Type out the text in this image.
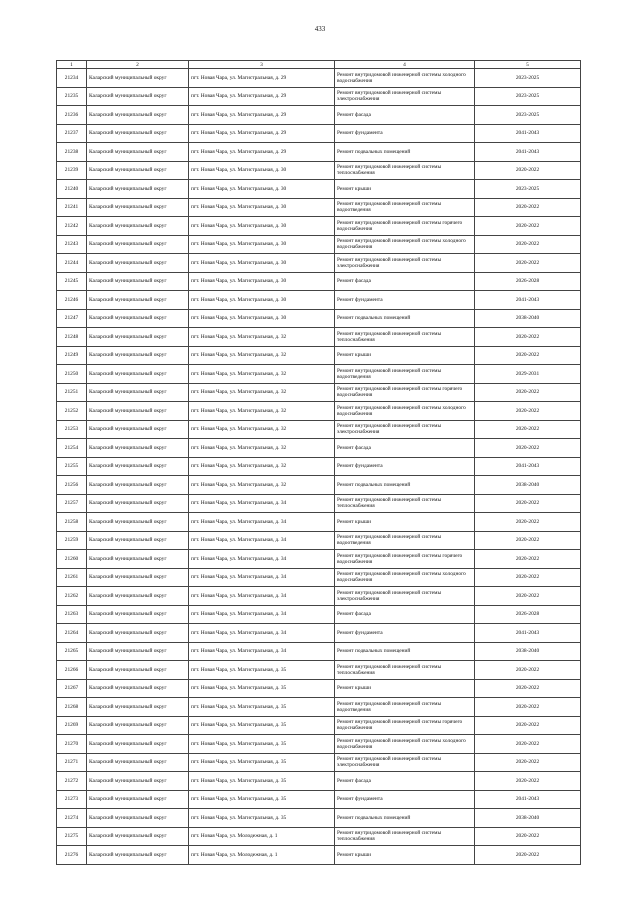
433
1	2	3	4	5
21234	Каларский муниципальный округ	пгт. Новая Чара, ул. Магистральная, д. 29	Ремонт внутридомовой инженерной системы холодного водоснабжения	2023-2025
21235	Каларский муниципальный округ	пгт. Новая Чара, ул. Магистральная, д. 29	Ремонт внутридомовой инженерной системы электроснабжения	2023-2025
21236	Каларский муниципальный округ	пгт. Новая Чара, ул. Магистральная, д. 29	Ремонт фасада	2023-2025
21237	Каларский муниципальный округ	пгт. Новая Чара, ул. Магистральная, д. 29	Ремонт фундамента	2041-2043
21238	Каларский муниципальный округ	пгт. Новая Чара, ул. Магистральная, д. 29	Ремонт подвальных помещений	2041-2043
21239	Каларский муниципальный округ	пгт. Новая Чара, ул. Магистральная, д. 30	Ремонт внутридомовой инженерной системы теплоснабжения	2020-2022
21240	Каларский муниципальный округ	пгт. Новая Чара, ул. Магистральная, д. 30	Ремонт крыши	2023-2025
21241	Каларский муниципальный округ	пгт. Новая Чара, ул. Магистральная, д. 30	Ремонт внутридомовой инженерной системы водоотведения	2020-2022
21242	Каларский муниципальный округ	пгт. Новая Чара, ул. Магистральная, д. 30	Ремонт внутридомовой инженерной системы горячего водоснабжения	2020-2022
21243	Каларский муниципальный округ	пгт. Новая Чара, ул. Магистральная, д. 30	Ремонт внутридомовой инженерной системы холодного водоснабжения	2020-2022
21244	Каларский муниципальный округ	пгт. Новая Чара, ул. Магистральная, д. 30	Ремонт внутридомовой инженерной системы электроснабжения	2020-2022
21245	Каларский муниципальный округ	пгт. Новая Чара, ул. Магистральная, д. 30	Ремонт фасада	2026-2028
21246	Каларский муниципальный округ	пгт. Новая Чара, ул. Магистральная, д. 30	Ремонт фундамента	2041-2043
21247	Каларский муниципальный округ	пгт. Новая Чара, ул. Магистральная, д. 30	Ремонт подвальных помещений	2038-2040
21248	Каларский муниципальный округ	пгт. Новая Чара, ул. Магистральная, д. 32	Ремонт внутридомовой инженерной системы теплоснабжения	2020-2022
21249	Каларский муниципальный округ	пгт. Новая Чара, ул. Магистральная, д. 32	Ремонт крыши	2020-2022
21250	Каларский муниципальный округ	пгт. Новая Чара, ул. Магистральная, д. 32	Ремонт внутридомовой инженерной системы водоотведения	2029-2031
21251	Каларский муниципальный округ	пгт. Новая Чара, ул. Магистральная, д. 32	Ремонт внутридомовой инженерной системы горячего водоснабжения	2020-2022
21252	Каларский муниципальный округ	пгт. Новая Чара, ул. Магистральная, д. 32	Ремонт внутридомовой инженерной системы холодного водоснабжения	2020-2022
21253	Каларский муниципальный округ	пгт. Новая Чара, ул. Магистральная, д. 32	Ремонт внутридомовой инженерной системы электроснабжения	2020-2022
21254	Каларский муниципальный округ	пгт. Новая Чара, ул. Магистральная, д. 32	Ремонт фасада	2020-2022
21255	Каларский муниципальный округ	пгт. Новая Чара, ул. Магистральная, д. 32	Ремонт фундамента	2041-2043
21256	Каларский муниципальный округ	пгт. Новая Чара, ул. Магистральная, д. 32	Ремонт подвальных помещений	2038-2040
21257	Каларский муниципальный округ	пгт. Новая Чара, ул. Магистральная, д. 34	Ремонт внутридомовой инженерной системы теплоснабжения	2020-2022
21258	Каларский муниципальный округ	пгт. Новая Чара, ул. Магистральная, д. 34	Ремонт крыши	2020-2022
21259	Каларский муниципальный округ	пгт. Новая Чара, ул. Магистральная, д. 34	Ремонт внутридомовой инженерной системы водоотведения	2020-2022
21260	Каларский муниципальный округ	пгт. Новая Чара, ул. Магистральная, д. 34	Ремонт внутридомовой инженерной системы горячего водоснабжения	2020-2022
21261	Каларский муниципальный округ	пгт. Новая Чара, ул. Магистральная, д. 34	Ремонт внутридомовой инженерной системы холодного водоснабжения	2020-2022
21262	Каларский муниципальный округ	пгт. Новая Чара, ул. Магистральная, д. 34	Ремонт внутридомовой инженерной системы электроснабжения	2020-2022
21263	Каларский муниципальный округ	пгт. Новая Чара, ул. Магистральная, д. 34	Ремонт фасада	2026-2028
21264	Каларский муниципальный округ	пгт. Новая Чара, ул. Магистральная, д. 34	Ремонт фундамента	2041-2043
21265	Каларский муниципальный округ	пгт. Новая Чара, ул. Магистральная, д. 34	Ремонт подвальных помещений	2038-2040
21266	Каларский муниципальный округ	пгт. Новая Чара, ул. Магистральная, д. 35	Ремонт внутридомовой инженерной системы теплоснабжения	2020-2022
21267	Каларский муниципальный округ	пгт. Новая Чара, ул. Магистральная, д. 35	Ремонт крыши	2020-2022
21268	Каларский муниципальный округ	пгт. Новая Чара, ул. Магистральная, д. 35	Ремонт внутридомовой инженерной системы водоотведения	2020-2022
21269	Каларский муниципальный округ	пгт. Новая Чара, ул. Магистральная, д. 35	Ремонт внутридомовой инженерной системы горячего водоснабжения	2020-2022
21270	Каларский муниципальный округ	пгт. Новая Чара, ул. Магистральная, д. 35	Ремонт внутридомовой инженерной системы холодного водоснабжения	2020-2022
21271	Каларский муниципальный округ	пгт. Новая Чара, ул. Магистральная, д. 35	Ремонт внутридомовой инженерной системы электроснабжения	2020-2022
21272	Каларский муниципальный округ	пгт. Новая Чара, ул. Магистральная, д. 35	Ремонт фасада	2020-2022
21273	Каларский муниципальный округ	пгт. Новая Чара, ул. Магистральная, д. 35	Ремонт фундамента	2041-2043
21274	Каларский муниципальный округ	пгт. Новая Чара, ул. Магистральная, д. 35	Ремонт подвальных помещений	2038-2040
21275	Каларский муниципальный округ	пгт. Новая Чара, ул. Молодежная, д. 1	Ремонт внутридомовой инженерной системы теплоснабжения	2020-2022
21276	Каларский муниципальный округ	пгт. Новая Чара, ул. Молодежная, д. 1	Ремонт крыши	2020-2022
